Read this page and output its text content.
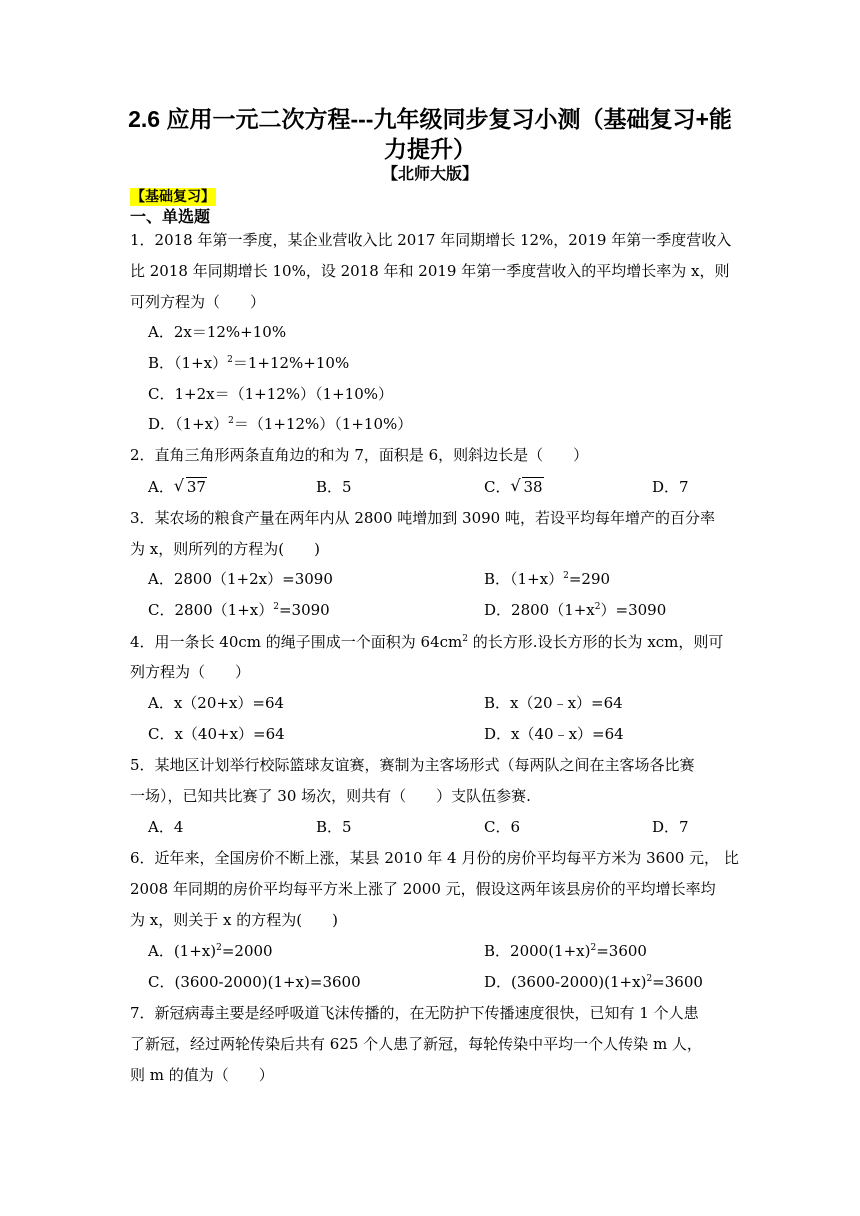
2.6 应用一元二次方程---九年级同步复习小测（基础复习+能
力提升）
【北师大版】
【基础复习】
一、单选题
1．2018 年第一季度，某企业营收入比 2017 年同期增长 12%，2019 年第一季度营收入
比 2018 年同期增长 10%，设 2018 年和 2019 年第一季度营收入的平均增长率为 x，则
可列方程为（　　）
A．2x＝12%+10%
B．$(1+x)^2=1+12\%+10\%$
C．1+2x＝（1+12%）（1+10%）
D．$(1+x)^2=(1+12\%)(1+10\%)$
2．直角三角形两条直角边的和为 7，面积是 6，则斜边长是（　　）
A． √ 37	B．5	C． √ 38	D．7
3．某农场的粮食产量在两年内从 2800 吨增加到 3090 吨，若设平均每年增产的百分率
为 x，则所列的方程为(　　)
A．2800（1+2x）=3090	B．$(1+x)^2=290$
C．$2800(1+x)^2=3090$	D．$2800(1+x^2)=3090$
4．用一条长 40cm 的绳子围成一个面积为 $64cm^2$ 的长方形.设长方形的长为 xcm，则可
列方程为（　　）
A．x（20+x）=64	B．x（20﹣x）=64
C．x（40+x）=64	D．x（40﹣x）=64
5．某地区计划举行校际篮球友谊赛，赛制为主客场形式（每两队之间在主客场各比赛
一场），已知共比赛了 30 场次，则共有（　　）支队伍参赛.
A．4	B．5	C．6	D．7
6．近年来，全国房价不断上涨，某县 2010 年 4 月份的房价平均每平方米为 3600 元， 比
2008 年同期的房价平均每平方米上涨了 2000 元，假设这两年该县房价的平均增长率均
为 x，则关于 x 的方程为(　　)
A．$(1+x)^2=2000$	B．$2000(1+x)^2=3600$
C．(3600-2000)(1+x)=3600	D．$(3600-2000)(1+x)^2=3600$
7．新冠病毒主要是经呼吸道飞沫传播的，在无防护下传播速度很快，已知有 1 个人患
了新冠，经过两轮传染后共有 625 个人患了新冠，每轮传染中平均一个人传染 m 人，
则 m 的值为（　　）
